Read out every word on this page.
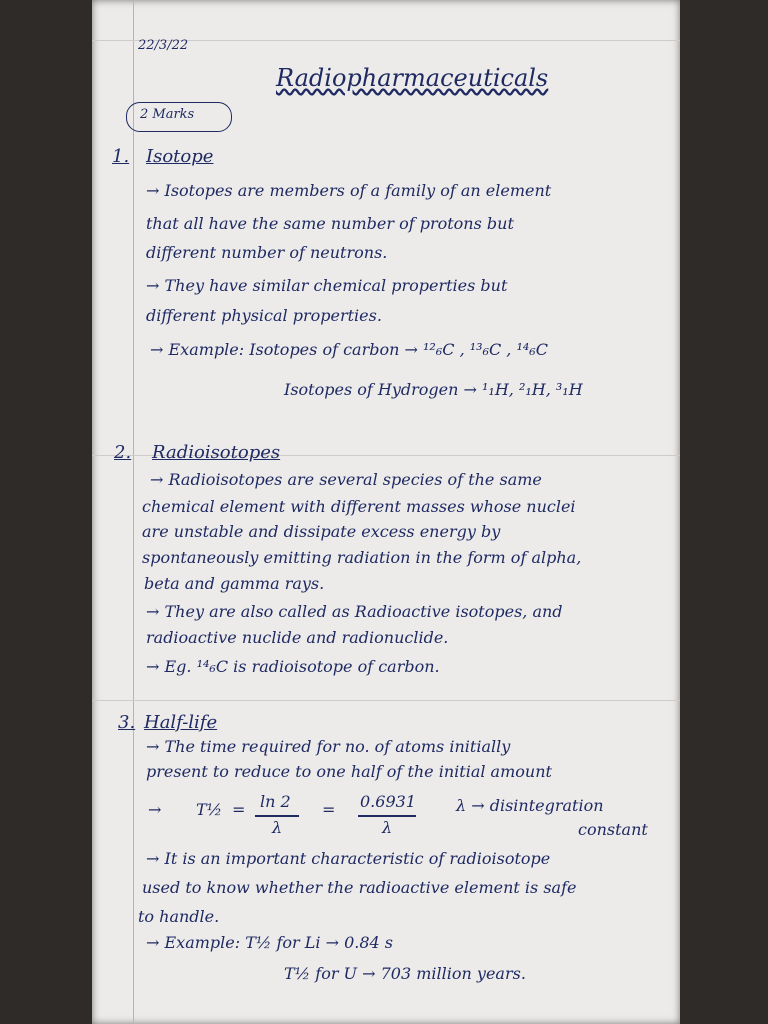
22/3/22
Radiopharmaceuticals
2 Marks
1. Isotope
→ Isotopes are members of a family of an element
that all have the same number of protons but
different number of neutrons.
→ They have similar chemical properties but
different physical properties.
→ Example: Isotopes of carbon → ¹²₆C , ¹³₆C , ¹⁴₆C
Isotopes of Hydrogen → ¹₁H, ²₁H, ³₁H
2. Radioisotopes
→ Radioisotopes are several species of the same
chemical element with different masses whose nuclei
are unstable and dissipate excess energy by
spontaneously emitting radiation in the form of alpha,
beta and gamma rays.
→ They are also called as Radioactive isotopes, and
radioactive nuclide and radionuclide.
→ Eg. ¹⁴₆C is radioisotope of carbon.
3. Half-life
→ The time required for no. of atoms initially
present to reduce to one half of the initial amount
→ T½ = ln 2
λ
= 0.6931
λ
λ → disintegration
constant
→ It is an important characteristic of radioisotope
used to know whether the radioactive element is safe
to handle.
→ Example: T½ for Li → 0.84 s
T½ for U → 703 million years.
